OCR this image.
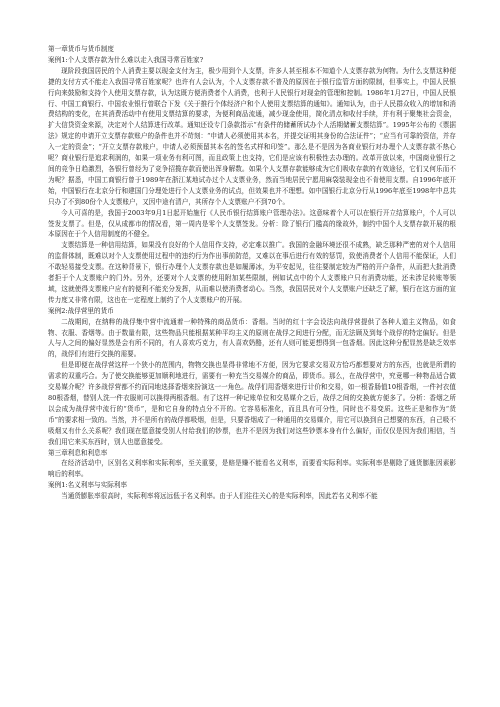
第一章货币与货币制度

案例1:个人支票存款为什么难以走入我国寻常百姓家?

现阶段我国居民的个人消费主要以现金支付为主，极少用到个人支票，许多人甚至根本不知道个人支票存款为何物。为什么支票这种便捷的支付方式不能走入我国寻常百姓家呢？也许有人会认为，个人支票存款不普及的原因在于银行监管方面的限制，但事实上，中国人民银行向来鼓励和支持个人使用支票存款，认为这既方便消费者个人消费，也利于人民银行对现金的管理和控制。1986年1月27日，中国人民银行、中国工商银行、中国农业银行曾联合下发《关于推行个体经济户和个人使用支票结算的通知》。通知认为，由于人民群众收入的增加和消费结构的变化，在其消费活动中有使用支票结算的要求，为便利商品流通，减少现金使用，简化清点和收付手续，并有利于聚集社会资金，扩大信贷资金来源，决定对个人结算进行改革。通知还设专门条款指示“有条件的储蓄所试办个人活期储蓄支票结算”。1995年公布的《票据法》规定的申请开立支票存款账户的条件也并不苛刻：“申请人必须使用其本名，并提交证明其身份的合法证件”；“应当有可靠的资信，并存入一定的资金”；“开立支票存款账户，申请人必须预留其本名的签名式样和印签”。那么是不是因为各商业银行对办理个人支票存款不热心呢？商业银行是追求利润的，如果一项业务有利可图，而且政策上也支持，它们是应该有积极性去办理的。改革开放以来，中国商业银行之间的竞争日趋激烈，各银行曾经为了竞争招揽存款而使出浑身解数。如果个人支票存款能够成为它们吸收存款的有效途径，它们又何乐而不为呢？据悉，中国工商银行曾于1989年在浙江某地试办过个人支票业务，然而当地居民宁愿用麻袋装现金也不肯使用支票。自1996年底开始，中国银行在北京分行和建国门分理处进行个人支票业务的试点，但效果也并不理想。如中国银行北京分行从1996年底至1998年中总共只办了不到80份个人支票账户，又因中途有清户，其所存个人支票账户不到70个。

今人可喜的是，我国于2003年9月1日起开始施行《人民币银行结算账户管理办法》。这意味着个人可以在银行开立结算账户，个人可以签发支票了。但是，仅从成都市的情况看，第一周内是零个人支票签发。分析：除了银行门槛高的缘故外，制约中国个人支票存款开展的根本原因在于个人信用制度的不健全。

支票结算是一种信用结算，如果没有良好的个人信用作支持，必定难以推广。我国的金融环境还很不成熟，缺乏那种严密的对个人信用的监督体制，既难以对个人支票使用过程中的违约行为作出事前防范，又难以在事后进行有效的惩罚，致使消费者个人信用不能保证，人们不敢轻易接受支票。在这种背景下，银行办理个人支票存款也是如履薄冰，为平安起见，往往要制定较为严格的开户条件，从而把大批消费者拒于个人支票账户的门外。另外，还要对个人支票的使用附加某些限制，例如试点中的个人支票账户只有消费功能，还未涉足转账等领域，这就使得支票账户应有的便利不能充分发挥，从而难以使消费者动心。当然，我国居民对个人支票账户还缺乏了解，银行在这方面的宣传力度又非常有限，这也在一定程度上制约了个人支票账户的开展。

案例2:战俘营里的货币

二战期间，在纳粹的战俘集中营中流通着一种特殊的商品货币：香烟。当时的红十字会设法向战俘营提供了各种人道主义物品，如食物、衣服、香烟等。由于数量有限，这些物品只能根据某种平均主义的原则在战俘之间进行分配，而无法顾及到每个战俘的特定偏好。但是人与人之间的偏好显然是会有所不同的，有人喜欢巧克力，有人喜欢奶酪，还有人则可能更想得到一包香烟。因此这种分配显然是缺乏效率的，战俘们有进行交换的需要。

但是即便在战俘营这样一个狭小的范围内，物物交换也显得非常地不方便，因为它要求交易双方恰巧都想要对方的东西，也就是所谓的需求的双重巧合。为了使交换能够更加顺利地进行，需要有一种充当交易媒介的商品，即货币。那么，在战俘营中，究竟哪一种物品适合做交易媒介呢？许多战俘营都不约而同地选择香烟来扮演这一一角色。战俘们用香烟来进行计价和交易，如一根香肠值10根香烟，一件衬衣值80根香烟，替别人洗一件衣服则可以换得两根香烟。有了这样一种记账单位和交易媒介之后，战俘之间的交换就方便多了。分析：香烟之所以会成为战俘营中流行的“货币”，是和它自身的特点分不开的。它容易标准化，而且具有可分性，同时也不易变质。这些正是和作为“货币”的要求相一致的。当然，并不是所有的战俘都吸烟，但是，只要香烟成了一种通用的交易媒介，用它可以换到自己想要的东西，自己吸不吸烟又有什么关系呢？我们现在愿意接受别人付给我们的钞票，也并不是因为我们对这些钞票本身有什么偏好，而仅仅是因为我们相信，当我们用它来买东西时，别人也愿意接受。

第三章利息和利息率

在经济活动中，区别名义利率和实际利率，至关重要，是赔是赚不能看名义利率，而要看实际利率。实际利率是剔除了通货膨胀因素影响后的利率。

案例1:名义利率与实际利率

当通货膨胀率很高时，实际利率将远远低于名义利率。由于人们往往关心的是实际利率，因此若名义利率不能
